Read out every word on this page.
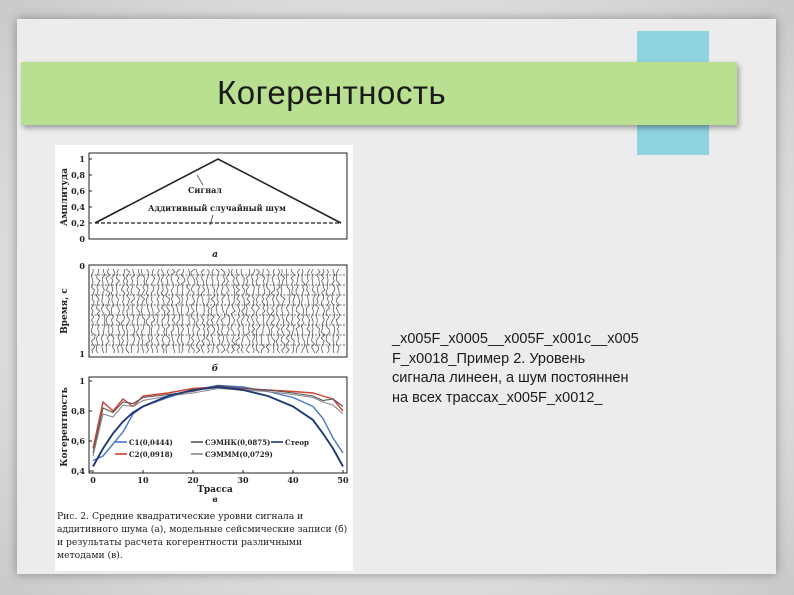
Когерентность
Амплитуда
1
0,8
0,6
0,4
0,2
0
Сигнал
Аддитивный случайный шум
а
Время, с
0
1
б
Когерентность
1
0,8
0,6
0,4
0	10	20	30	40	50
C1(0,0444)
C2(0,0918)
CЭМНК(0,0875)
CЭМММ(0,0729)
Cтеор
Трасса
в
Рис. 2. Средние квадратические уровни сигнала и аддитивного шума (а), модельные сейсмические записи (б) и результаты расчета когерентности различными методами (в).
_x005F_x0005__x005F_x001c__x005
F_x0018_Пример 2. Уровень
сигнала линеен, а шум постояннен
на всех трассах_x005F_x0012_
